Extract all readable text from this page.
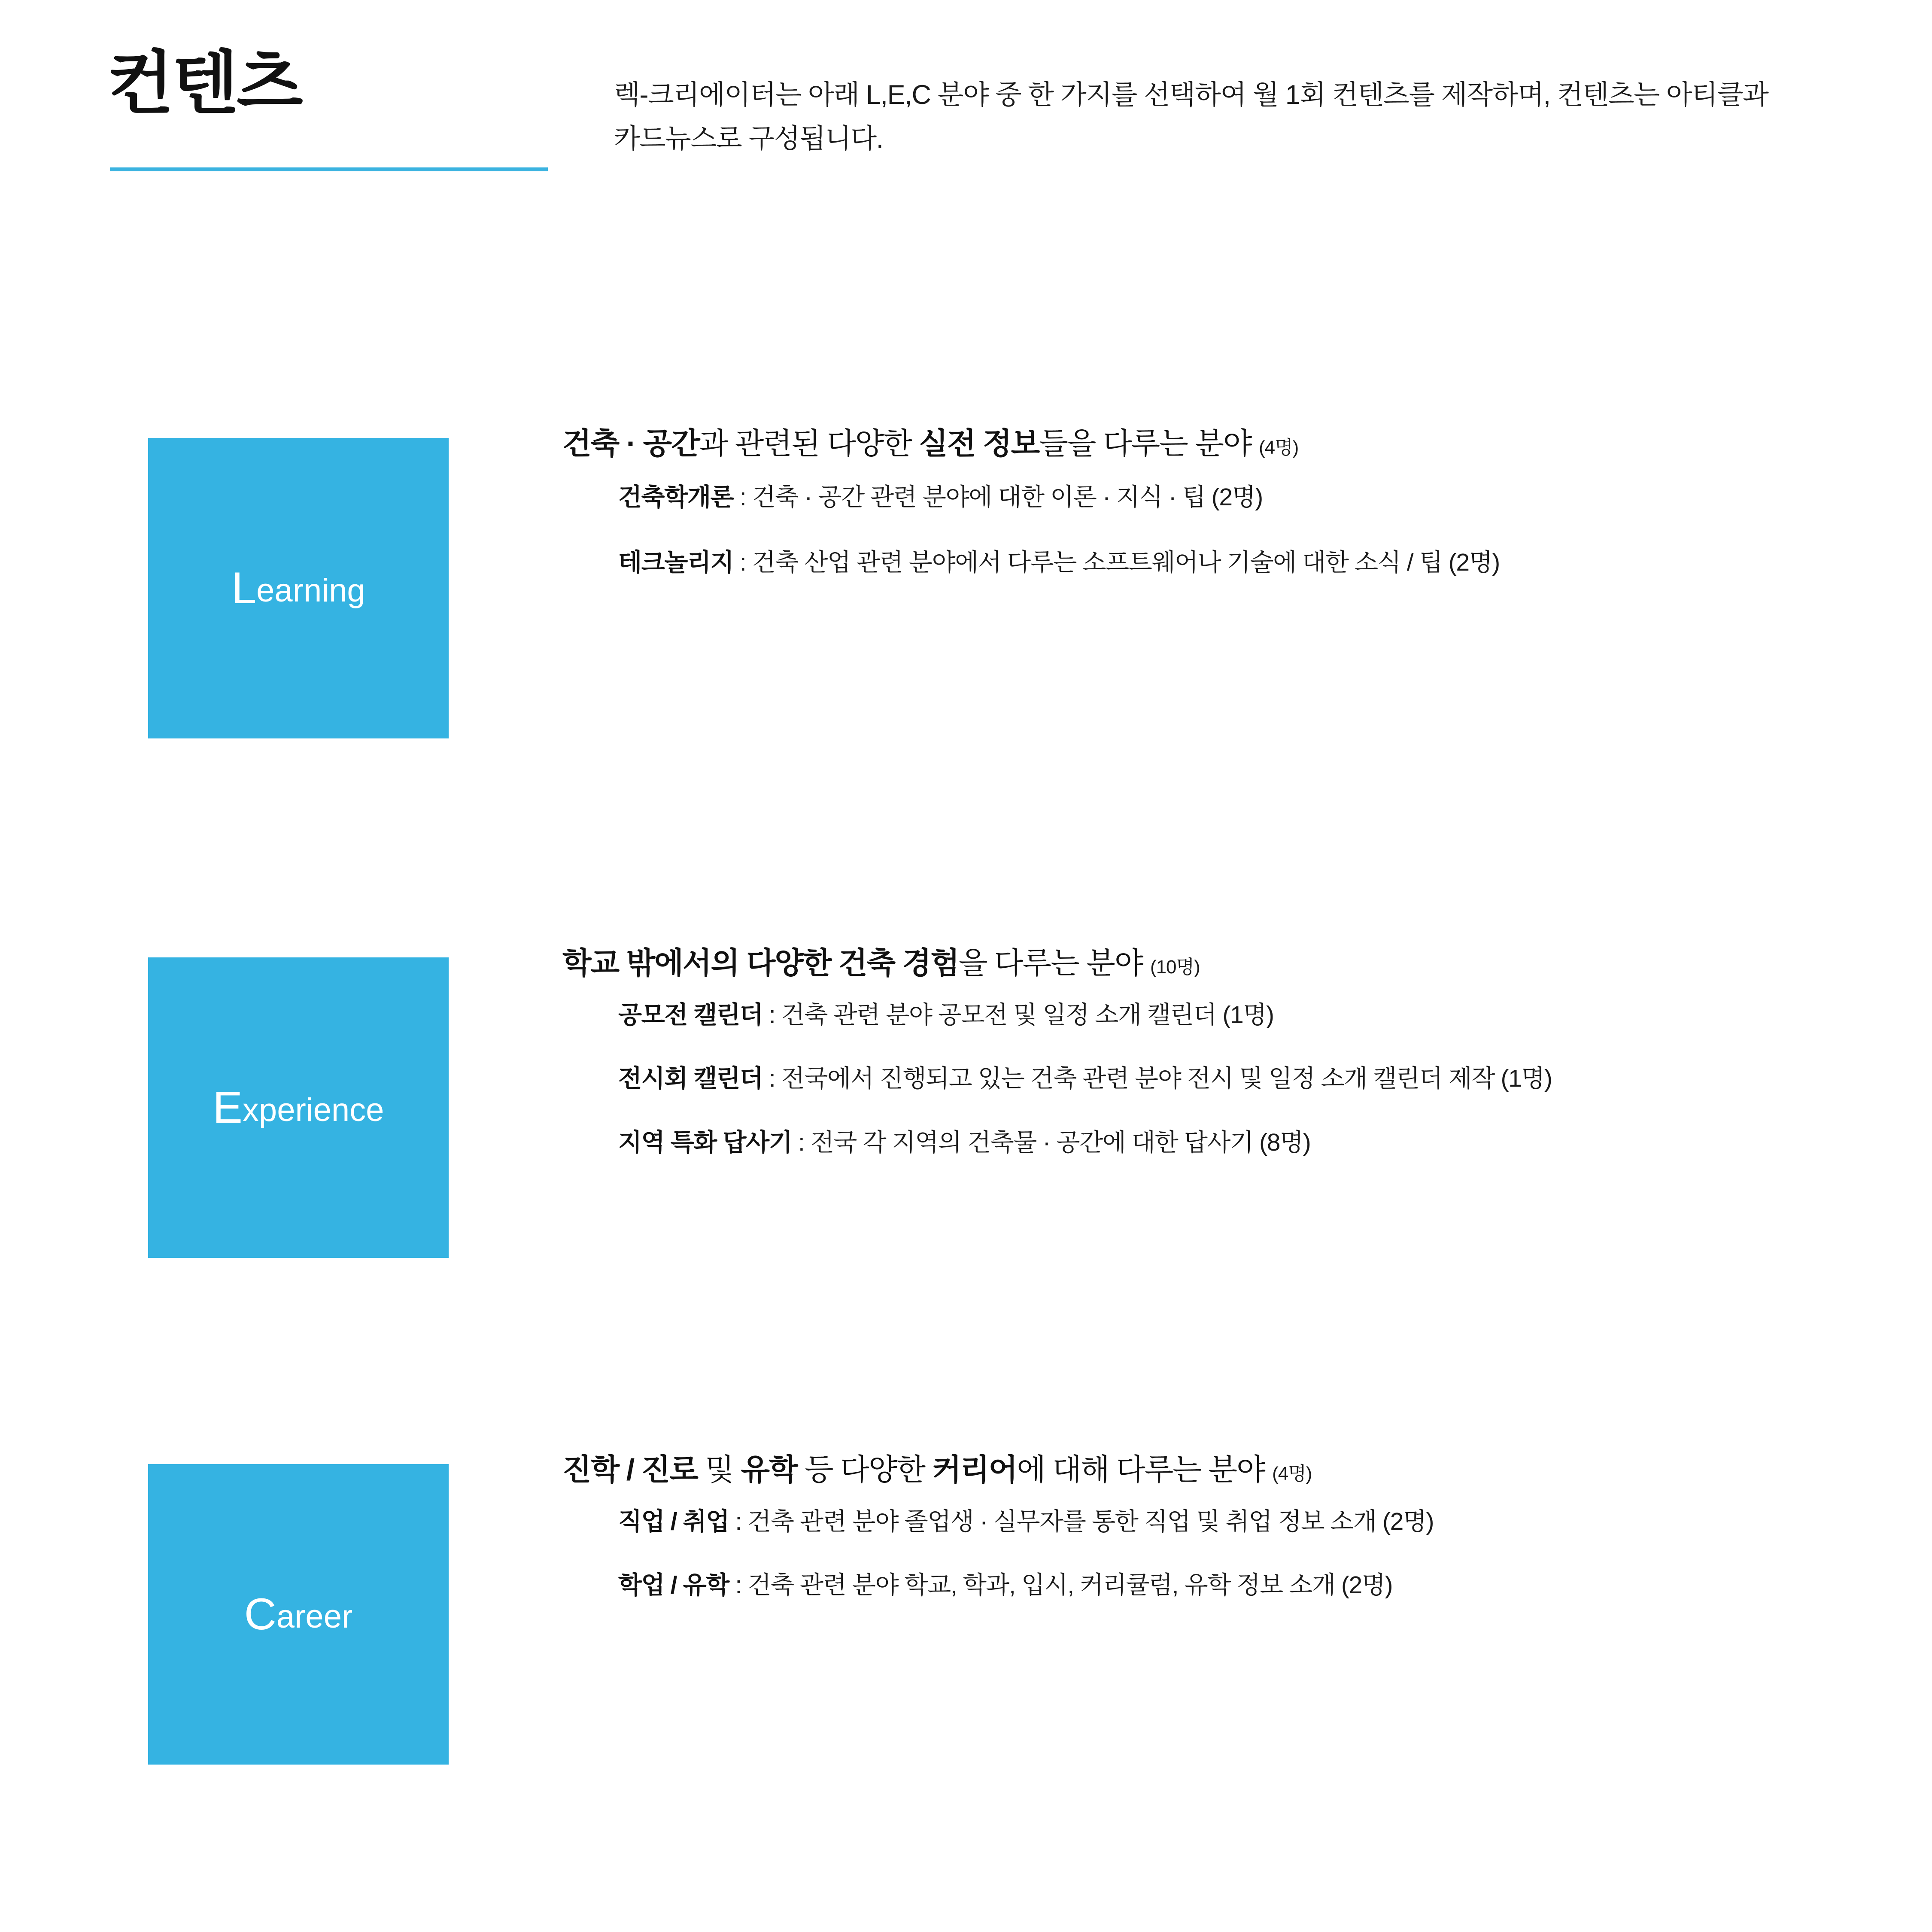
컨텐츠	렉-크리에이터는 아래 L,E,C 분야 중 한 가지를 선택하여 월 1회 컨텐츠를 제작하며, 컨텐츠는 아티클과 카드뉴스로 구성됩니다.
Learning
건축 · 공간과 관련된 다양한 실전 정보들을 다루는 분야 (4명)
건축학개론 : 건축 · 공간 관련 분야에 대한 이론 · 지식 · 팁 (2명)
테크놀리지 : 건축 산업 관련 분야에서 다루는 소프트웨어나 기술에 대한 소식 / 팁 (2명)
Experience
학교 밖에서의 다양한 건축 경험을 다루는 분야 (10명)
공모전 캘린더 : 건축 관련 분야 공모전 및 일정 소개 캘린더 (1명)
전시회 캘린더 : 전국에서 진행되고 있는 건축 관련 분야 전시 및 일정 소개 캘린더 제작 (1명)
지역 특화 답사기 : 전국 각 지역의 건축물 · 공간에 대한 답사기 (8명)
Career
진학 / 진로 및 유학 등 다양한 커리어에 대해 다루는 분야 (4명)
직업 / 취업 : 건축 관련 분야 졸업생 · 실무자를 통한 직업 및 취업 정보 소개 (2명)
학업 / 유학 : 건축 관련 분야 학교, 학과, 입시, 커리큘럼, 유학 정보 소개 (2명)
